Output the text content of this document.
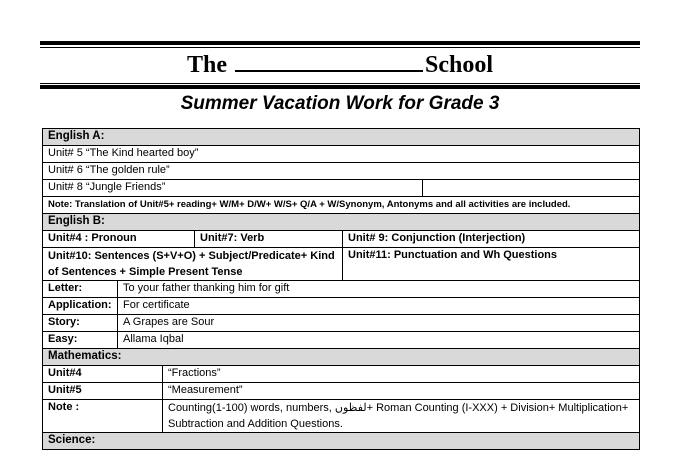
The	School
Summer Vacation Work for Grade 3
English A:					
Unit# 5 “The Kind hearted boy”					
Unit# 6 “The golden rule”					
Unit# 8 “Jungle Friends”					
Note: Translation of Unit#5+ reading+ W/M+ D/W+ W/S+ Q/A + W/Synonym, Antonyms and all activities are included.					
English B:					
Unit#4 : Pronoun			Unit#7: Verb	Unit# 9: Conjunction (Interjection)	
Unit#10: Sentences (S+V+O) + Subject/Predicate+ Kind of Sentences + Simple Present Tense				Unit#11: Punctuation and Wh Questions	
Letter:	To your father thanking him for gift				
Application:	For certificate				
Story:	A Grapes are Sour				
Easy:	Allama Iqbal				
Mathematics:					
Unit#4		“Fractions”			
Unit#5		“Measurement”			
Note :		Counting(1-100) words, numbers, لفظوں+ Roman Counting (I-XXX) + Division+ Multiplication+ Subtraction and Addition Questions.			
Science:					
